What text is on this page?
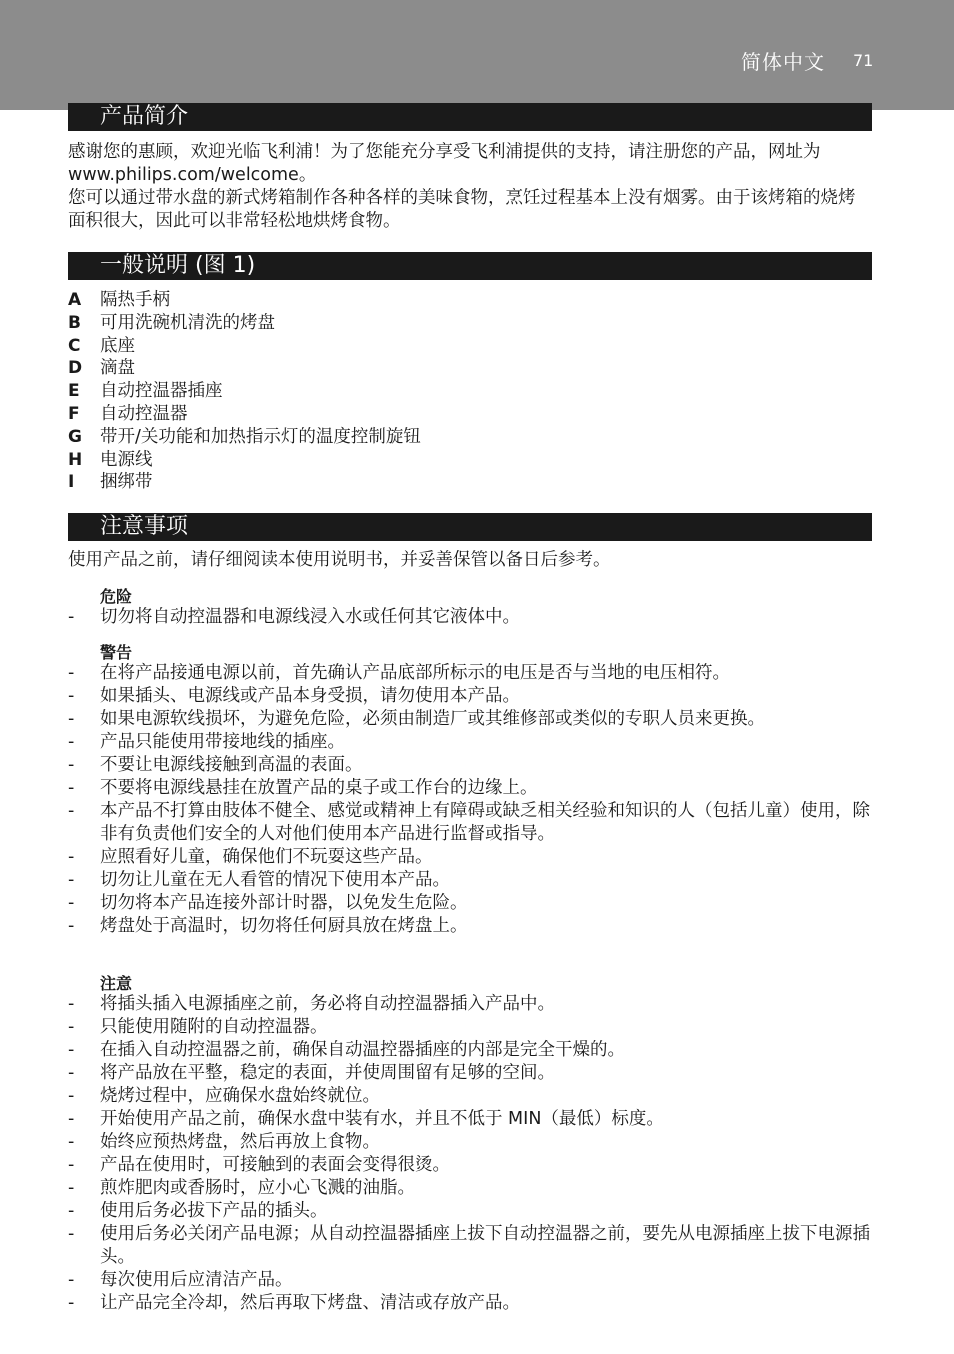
简体中文 71
产品简介
感谢您的惠顾，欢迎光临飞利浦！为了您能充分享受飞利浦提供的支持，请注册您的产品，网址为 www.philips.com/welcome。
您可以通过带水盘的新式烤箱制作各种各样的美味食物，烹饪过程基本上没有烟雾。由于该烤箱的烧烤面积很大，因此可以非常轻松地烘烤食物。
一般说明 (图 1)
A 隔热手柄
B 可用洗碗机清洗的烤盘
C 底座
D 滴盘
E 自动控温器插座
F 自动控温器
G 带开/关功能和加热指示灯的温度控制旋钮
H 电源线
I 捆绑带
注意事项
使用产品之前，请仔细阅读本使用说明书，并妥善保管以备日后参考。
危险
- 切勿将自动控温器和电源线浸入水或任何其它液体中。
警告
- 在将产品接通电源以前，首先确认产品底部所标示的电压是否与当地的电压相符。
- 如果插头、电源线或产品本身受损，请勿使用本产品。
- 如果电源软线损坏，为避免危险，必须由制造厂或其维修部或类似的专职人员来更换。
- 产品只能使用带接地线的插座。
- 不要让电源线接触到高温的表面。
- 不要将电源线悬挂在放置产品的桌子或工作台的边缘上。
- 本产品不打算由肢体不健全、感觉或精神上有障碍或缺乏相关经验和知识的人（包括儿童）使用，除非有负责他们安全的人对他们使用本产品进行监督或指导。
- 应照看好儿童，确保他们不玩耍这些产品。
- 切勿让儿童在无人看管的情况下使用本产品。
- 切勿将本产品连接外部计时器，以免发生危险。
- 烤盘处于高温时，切勿将任何厨具放在烤盘上。
注意
- 将插头插入电源插座之前，务必将自动控温器插入产品中。
- 只能使用随附的自动控温器。
- 在插入自动控温器之前，确保自动温控器插座的内部是完全干燥的。
- 将产品放在平整，稳定的表面，并使周围留有足够的空间。
- 烧烤过程中，应确保水盘始终就位。
- 开始使用产品之前，确保水盘中装有水，并且不低于 MIN（最低）标度。
- 始终应预热烤盘，然后再放上食物。
- 产品在使用时，可接触到的表面会变得很烫。
- 煎炸肥肉或香肠时，应小心飞溅的油脂。
- 使用后务必拔下产品的插头。
- 使用后务必关闭产品电源；从自动控温器插座上拔下自动控温器之前，要先从电源插座上拔下电源插头。
- 每次使用后应清洁产品。
- 让产品完全冷却，然后再取下烤盘、清洁或存放产品。
